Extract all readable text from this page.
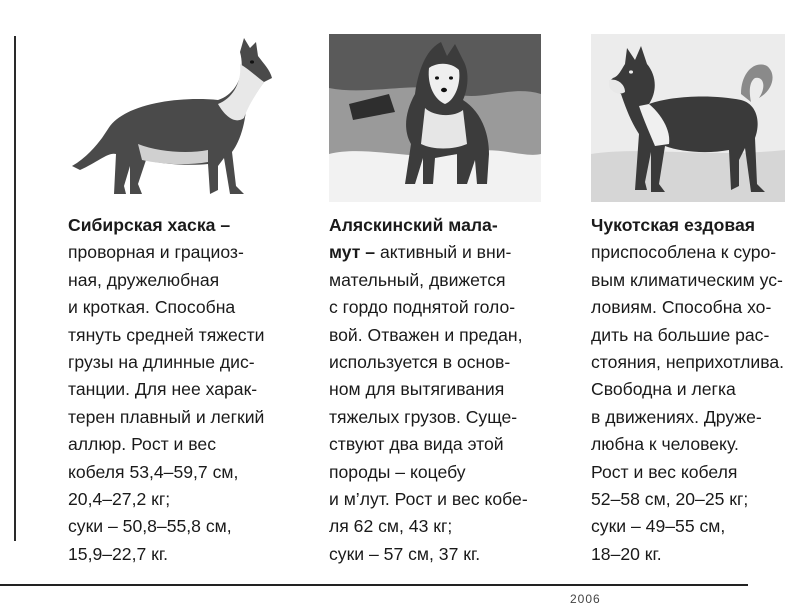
Сибирская хаска –
проворная и грациоз-
ная, дружелюбная
и кроткая. Способна
тянуть средней тяжести
грузы на длинные дис-
танции. Для нее харак-
терен плавный и легкий
аллюр. Рост и вес
кобеля 53,4–59,7 см,
20,4–27,2 кг;
суки – 50,8–55,8 см,
15,9–22,7 кг.
Аляскинский мала-
мут – активный и вни-
мательный, движется
с гордо поднятой голо-
вой. Отважен и предан,
используется в основ-
ном для вытягивания
тяжелых грузов. Суще-
ствуют два вида этой
породы – коцебу
и м’лут. Рост и вес кобе-
ля 62 см, 43 кг;
суки – 57 см, 37 кг.
Чукотская ездовая
приспособлена к суро-
вым климатическим ус-
ловиям. Способна хо-
дить на большие рас-
стояния, неприхотлива.
Свободна и легка
в движениях. Друже-
любна к человеку.
Рост и вес кобеля
52–58 см, 20–25 кг;
суки – 49–55 см,
18–20 кг.
2006
